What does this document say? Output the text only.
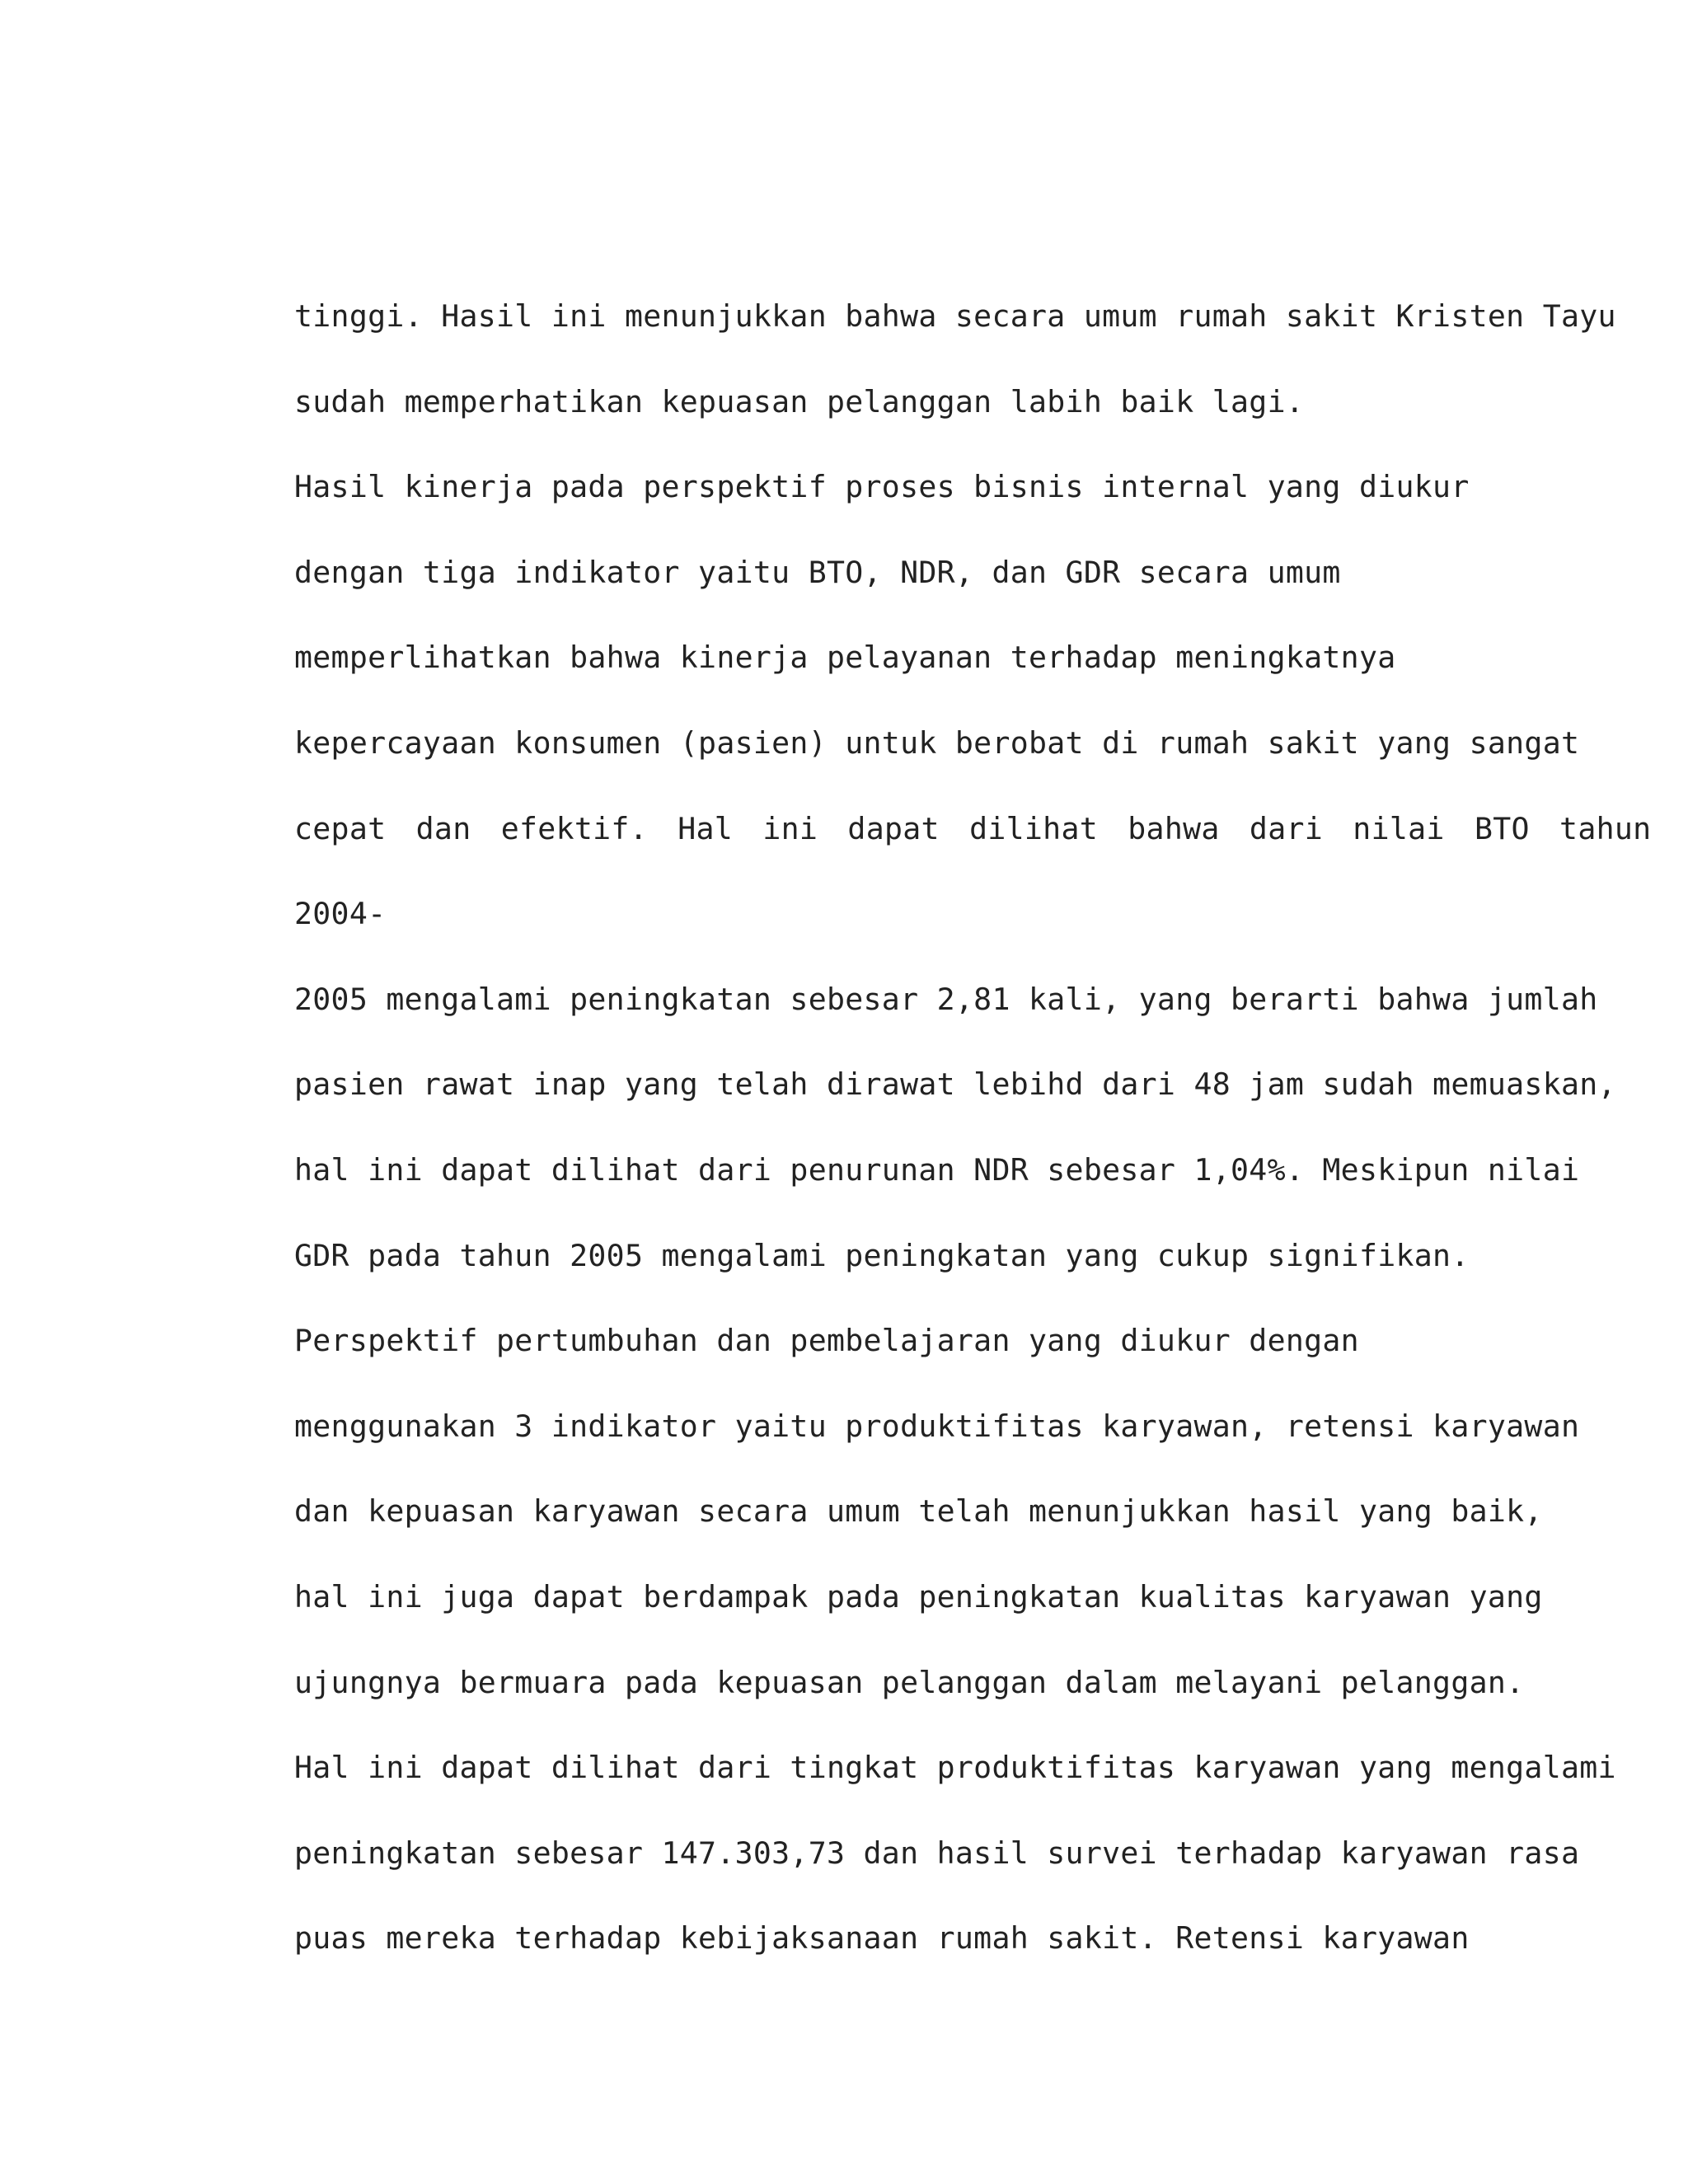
tinggi. Hasil ini menunjukkan bahwa secara umum rumah sakit Kristen Tayu
sudah memperhatikan kepuasan pelanggan labih baik lagi.
Hasil kinerja pada perspektif proses bisnis internal yang diukur
dengan tiga indikator yaitu BTO, NDR, dan GDR secara umum
memperlihatkan bahwa kinerja pelayanan terhadap meningkatnya
kepercayaan konsumen (pasien) untuk berobat di rumah sakit yang sangat
cepat dan efektif. Hal ini dapat dilihat bahwa dari nilai BTO tahun
2004-
2005 mengalami peningkatan sebesar 2,81 kali, yang berarti bahwa jumlah
pasien rawat inap yang telah dirawat lebihd dari 48 jam sudah memuaskan,
hal ini dapat dilihat dari penurunan NDR sebesar 1,04%. Meskipun nilai
GDR pada tahun 2005 mengalami peningkatan yang cukup signifikan.
Perspektif pertumbuhan dan pembelajaran yang diukur dengan
menggunakan 3 indikator yaitu produktifitas karyawan, retensi karyawan
dan kepuasan karyawan secara umum telah menunjukkan hasil yang baik,
hal ini juga dapat berdampak pada peningkatan kualitas karyawan yang
ujungnya bermuara pada kepuasan pelanggan dalam melayani pelanggan.
Hal ini dapat dilihat dari tingkat produktifitas karyawan yang mengalami
peningkatan sebesar 147.303,73 dan hasil survei terhadap karyawan rasa
puas mereka terhadap kebijaksanaan rumah sakit. Retensi karyawan
